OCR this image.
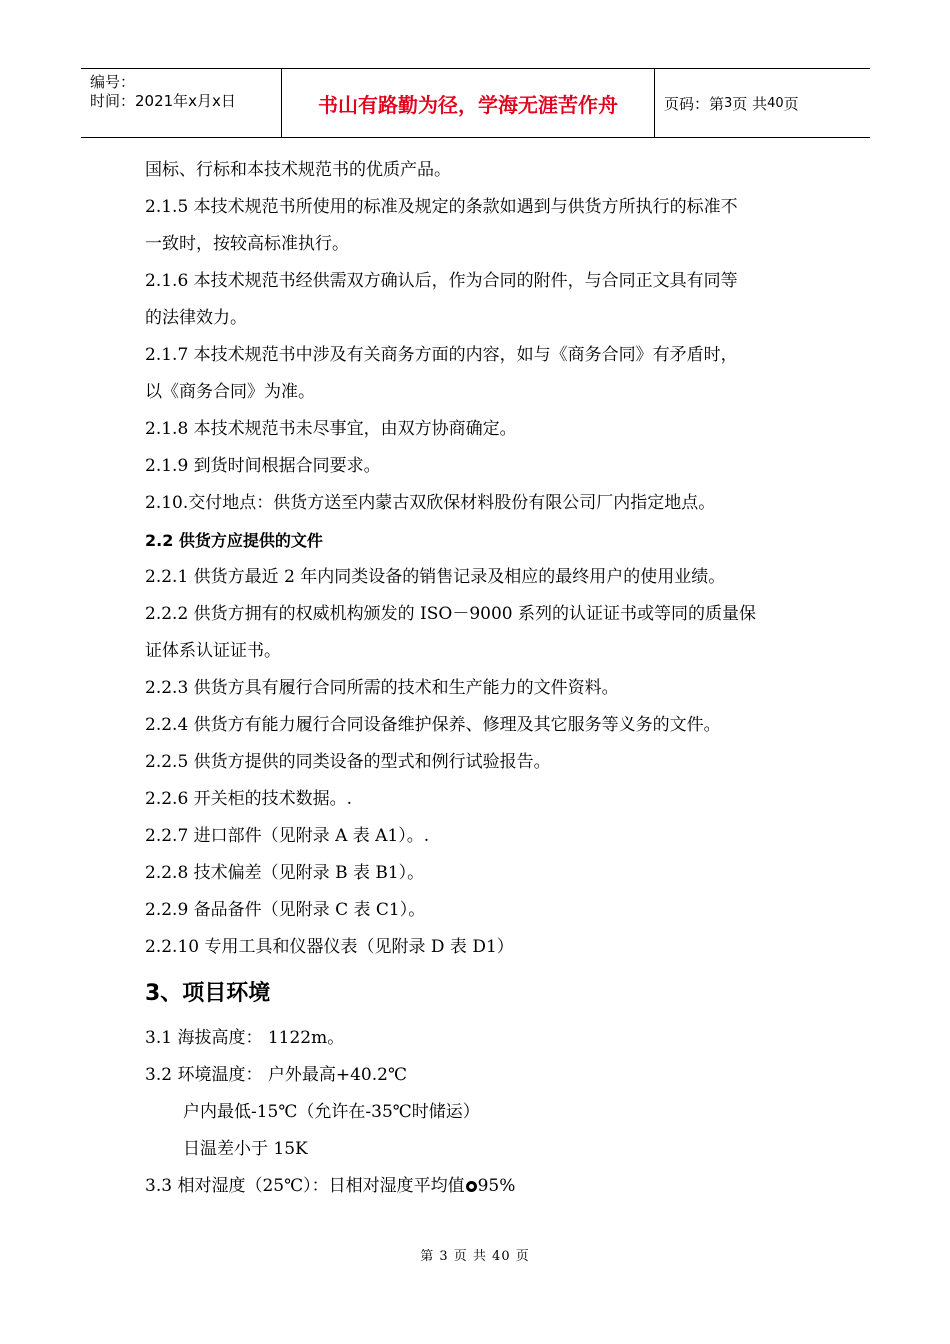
编号：
时间：2021年x月x日	书山有路勤为径，学海无涯苦作舟	页码：第 3 页 共 40 页

国标、行标和本技术规范书的优质产品。

2.1.5 本技术规范书所使用的标准及规定的条款如遇到与供货方所执行的标准不

一致时，按较高标准执行。

2.1.6 本技术规范书经供需双方确认后，作为合同的附件，与合同正文具有同等

的法律效力。

2.1.7 本技术规范书中涉及有关商务方面的内容，如与《商务合同》有矛盾时，

以《商务合同》为准。

2.1.8 本技术规范书未尽事宜，由双方协商确定。

2.1.9 到货时间根据合同要求。

2.10.交付地点：供货方送至内蒙古双欣保材料股份有限公司厂内指定地点。

2.2 供货方应提供的文件

2.2.1 供货方最近 2 年内同类设备的销售记录及相应的最终用户的使用业绩。

2.2.2 供货方拥有的权威机构颁发的 ISO－9000 系列的认证证书或等同的质量保

证体系认证证书。

2.2.3 供货方具有履行合同所需的技术和生产能力的文件资料。

2.2.4 供货方有能力履行合同设备维护保养、修理及其它服务等义务的文件。

2.2.5 供货方提供的同类设备的型式和例行试验报告。

2.2.6 开关柜的技术数据。.

2.2.7 进口部件（见附录 A 表 A1）。.

2.2.8 技术偏差（见附录 B 表 B1）。

2.2.9 备品备件（见附录 C 表 C1）。

2.2.10 专用工具和仪器仪表（见附录 D 表 D1）

3、项目环境

3.1 海拔高度： 1122m。

3.2 环境温度： 户外最高+40.2℃

户内最低-15℃（允许在-35℃时储运）

日温差小于 15K

3.3 相对湿度（25℃）：日相对湿度平均值 95%

第 3 页 共 40 页
